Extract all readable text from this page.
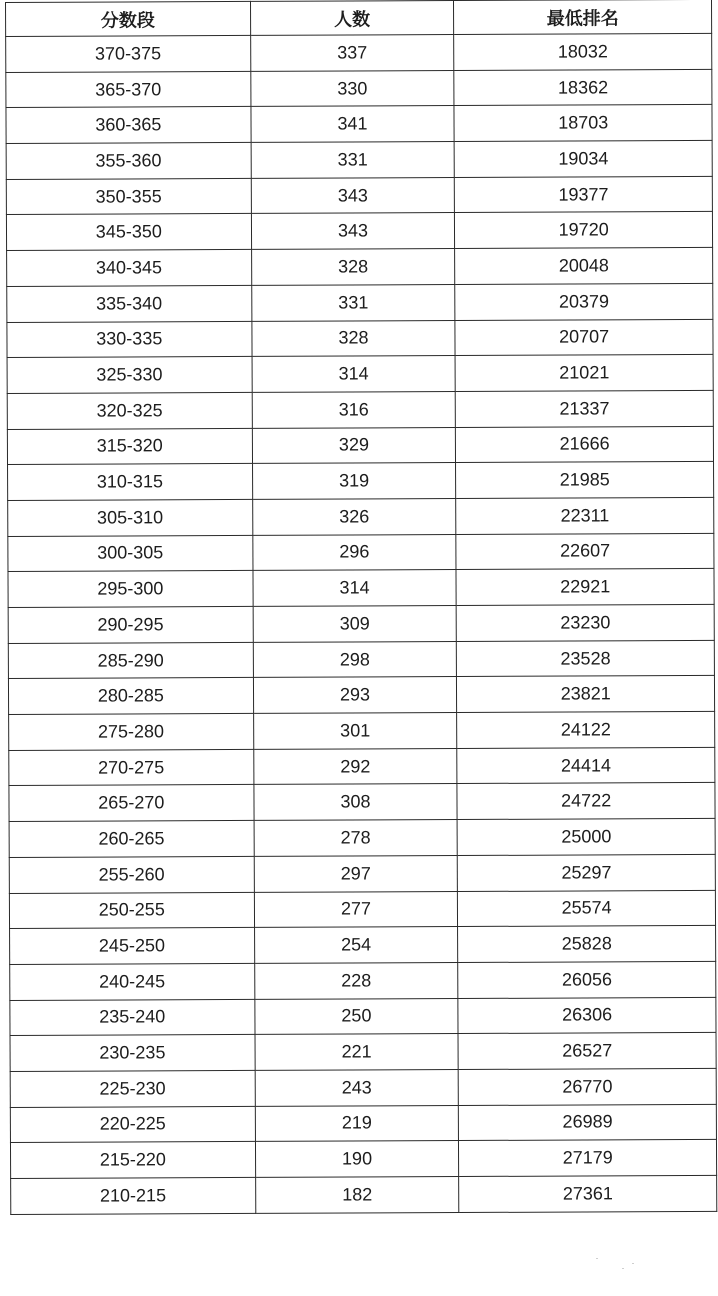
分数段	人数	最低排名
370-375	337	18032
365-370	330	18362
360-365	341	18703
355-360	331	19034
350-355	343	19377
345-350	343	19720
340-345	328	20048
335-340	331	20379
330-335	328	20707
325-330	314	21021
320-325	316	21337
315-320	329	21666
310-315	319	21985
305-310	326	22311
300-305	296	22607
295-300	314	22921
290-295	309	23230
285-290	298	23528
280-285	293	23821
275-280	301	24122
270-275	292	24414
265-270	308	24722
260-265	278	25000
255-260	297	25297
250-255	277	25574
245-250	254	25828
240-245	228	26056
235-240	250	26306
230-235	221	26527
225-230	243	26770
220-225	219	26989
215-220	190	27179
210-215	182	27361
